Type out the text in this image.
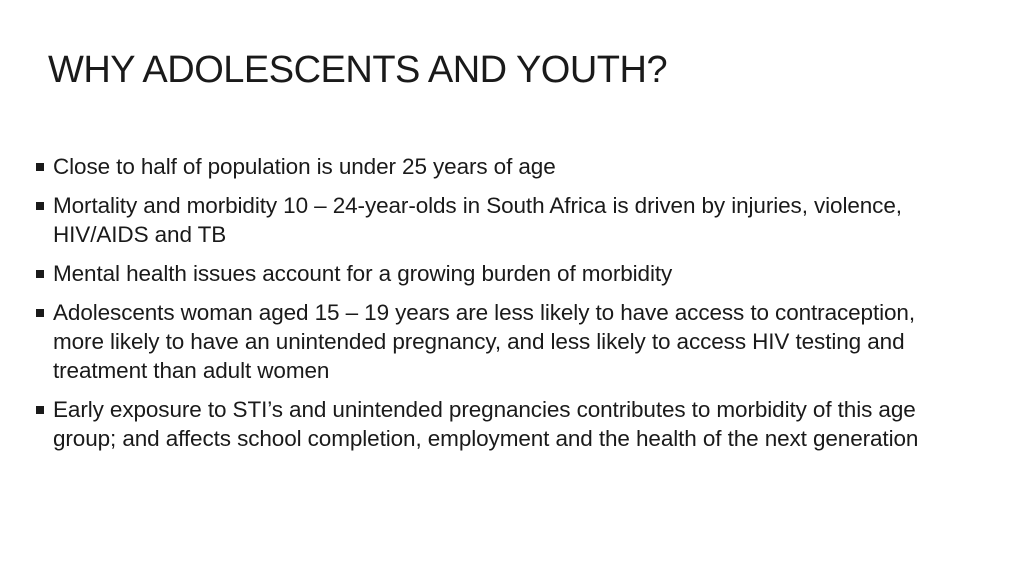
WHY ADOLESCENTS AND YOUTH?
Close to half of population is under 25 years of age
Mortality and morbidity 10 – 24-year-olds in South Africa is driven by injuries, violence, HIV/AIDS and TB
Mental health issues account for a growing burden of morbidity
Adolescents woman aged 15 – 19 years are less likely to have access to contraception, more likely to have an unintended pregnancy, and less likely to access HIV testing and treatment than adult women
Early exposure to STI’s and unintended pregnancies contributes to morbidity of this age group; and affects school completion, employment and the health of the next generation
